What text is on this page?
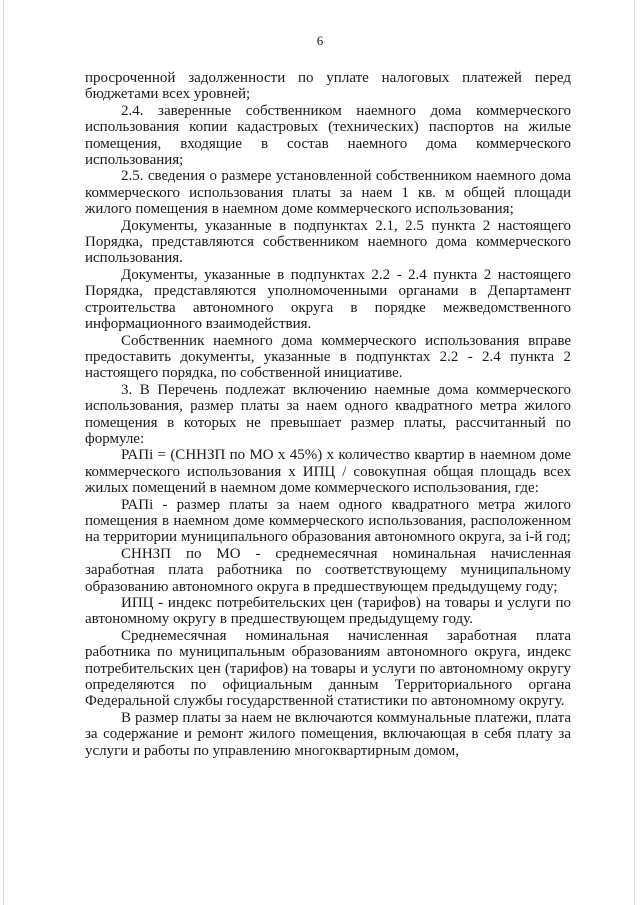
6

просроченной задолженности по уплате налоговых платежей перед бюджетами всех уровней;

2.4. заверенные собственником наемного дома коммерческого использования копии кадастровых (технических) паспортов на жилые помещения, входящие в состав наемного дома коммерческого использования;

2.5. сведения о размере установленной собственником наемного дома коммерческого использования платы за наем 1 кв. м общей площади жилого помещения в наемном доме коммерческого использования;

Документы, указанные в подпунктах 2.1, 2.5 пункта 2 настоящего Порядка, представляются собственником наемного дома коммерческого использования.

Документы, указанные в подпунктах 2.2 - 2.4 пункта 2 настоящего Порядка, представляются уполномоченными органами в Департамент строительства автономного округа в порядке межведомственного информационного взаимодействия.

Собственник наемного дома коммерческого использования вправе предоставить документы, указанные в подпунктах 2.2 - 2.4 пункта 2 настоящего порядка, по собственной инициативе.

3. В Перечень подлежат включению наемные дома коммерческого использования, размер платы за наем одного квадратного метра жилого помещения в которых не превышает размер платы, рассчитанный по формуле:

РАПi = (СННЗП по МО х 45%) х количество квартир в наемном доме коммерческого использования х ИПЦ / совокупная общая площадь всех жилых помещений в наемном доме коммерческого использования, где:

РАПi - размер платы за наем одного квадратного метра жилого помещения в наемном доме коммерческого использования, расположенном на территории муниципального образования автономного округа, за i-й год;

СННЗП по МО - среднемесячная номинальная начисленная заработная плата работника по соответствующему муниципальному образованию автономного округа в предшествующем предыдущему году;

ИПЦ - индекс потребительских цен (тарифов) на товары и услуги по автономному округу в предшествующем предыдущему году.

Среднемесячная номинальная начисленная заработная плата работника по муниципальным образованиям автономного округа, индекс потребительских цен (тарифов) на товары и услуги по автономному округу определяются по официальным данным Территориального органа Федеральной службы государственной статистики по автономному округу.

В размер платы за наем не включаются коммунальные платежи, плата за содержание и ремонт жилого помещения, включающая в себя плату за услуги и работы по управлению многоквартирным домом,
